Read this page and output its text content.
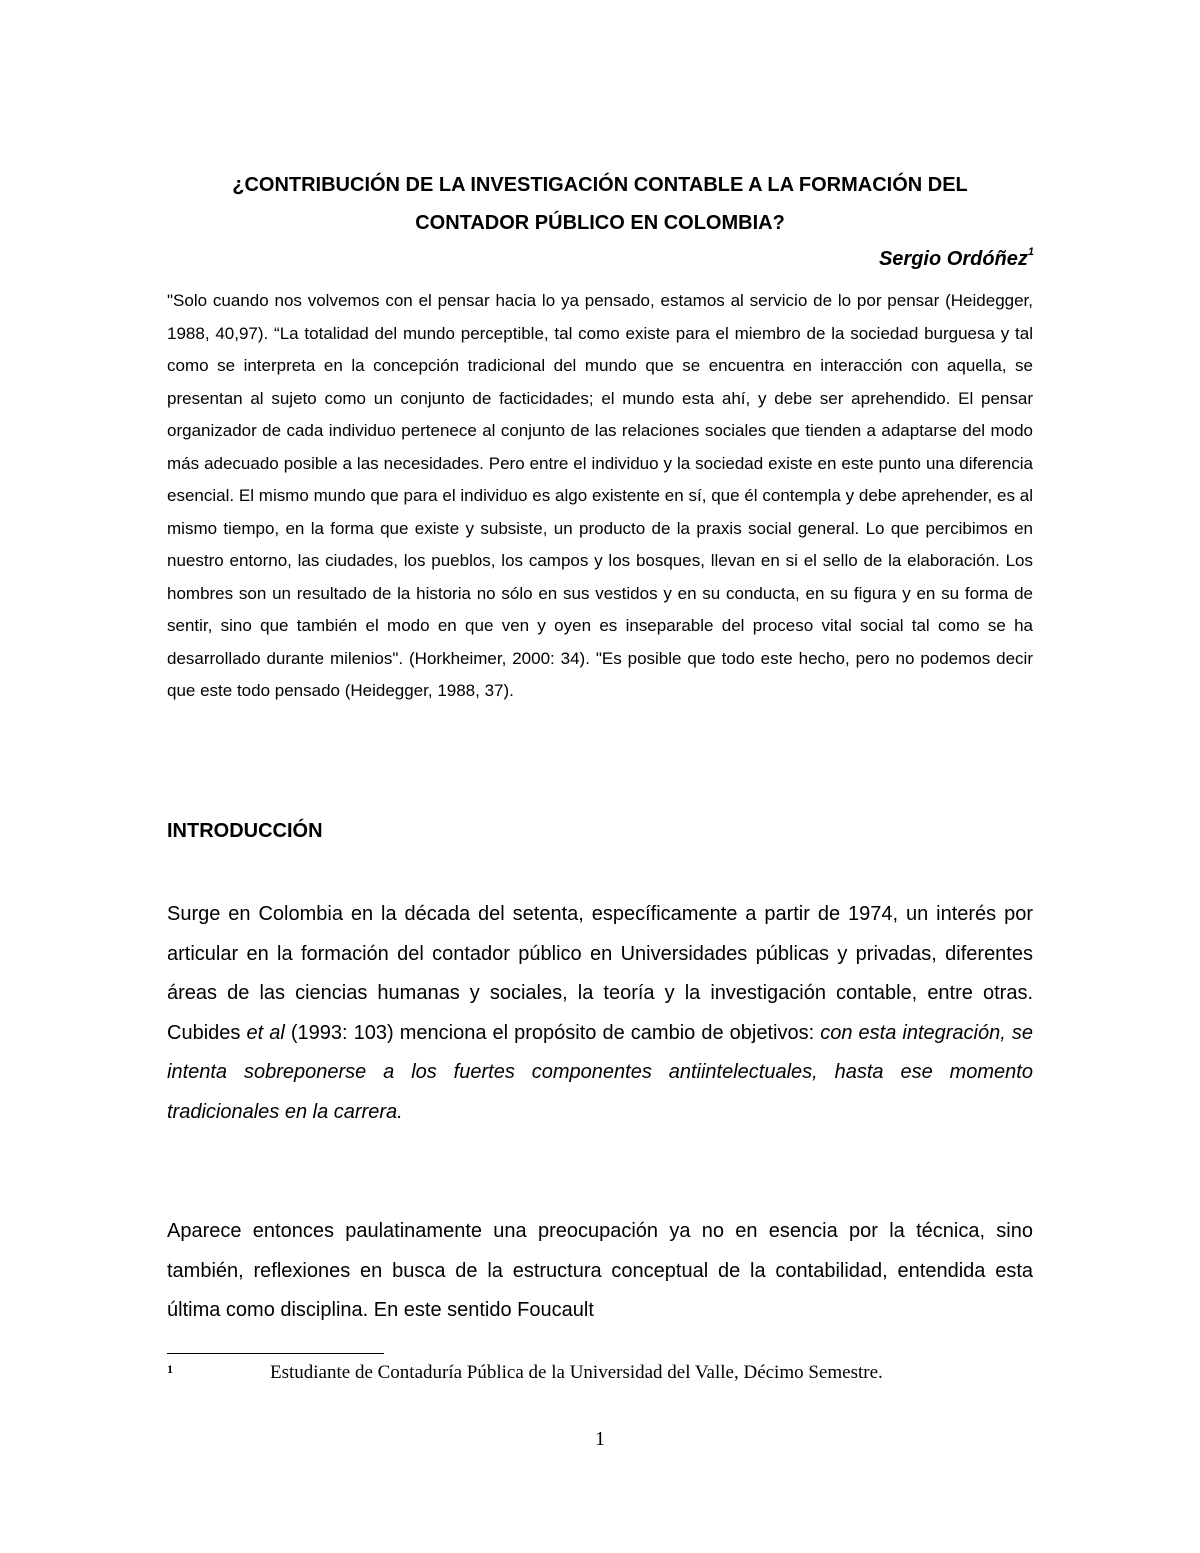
¿CONTRIBUCIÓN DE LA INVESTIGACIÓN CONTABLE A LA FORMACIÓN DEL
CONTADOR PÚBLICO EN COLOMBIA?

Sergio Ordóñez$^1$

"Solo cuando nos volvemos con el pensar hacia lo ya pensado, estamos al servicio de lo por pensar (Heidegger, 1988, 40,97). “La totalidad del mundo perceptible, tal como existe para el miembro de la sociedad burguesa y tal como se interpreta en la concepción tradicional del mundo que se encuentra en interacción con aquella, se presentan al sujeto como un conjunto de facticidades; el mundo esta ahí, y debe ser aprehendido. El pensar organizador de cada individuo pertenece al conjunto de las relaciones sociales que tienden a adaptarse del modo más adecuado posible a las necesidades. Pero entre el individuo y la sociedad existe en este punto una diferencia esencial. El mismo mundo que para el individuo es algo existente en sí, que él contempla y debe aprehender, es al mismo tiempo, en la forma que existe y subsiste, un producto de la praxis social general. Lo que percibimos en nuestro entorno, las ciudades, los pueblos, los campos y los bosques, llevan en si el sello de la elaboración. Los hombres son un resultado de la historia no sólo en sus vestidos y en su conducta, en su figura y en su forma de sentir, sino que también el modo en que ven y oyen es inseparable del proceso vital social tal como se ha desarrollado durante milenios". (Horkheimer, 2000: 34). "Es posible que todo este hecho, pero no podemos decir que este todo pensado (Heidegger, 1988, 37).

INTRODUCCIÓN

Surge en Colombia en la década del setenta, específicamente a partir de 1974, un interés por articular en la formación del contador público en Universidades públicas y privadas, diferentes áreas de las ciencias humanas y sociales, la teoría y la investigación contable, entre otras. Cubides et al (1993: 103) menciona el propósito de cambio de objetivos: con esta integración, se intenta sobreponerse a los fuertes componentes antiintelectuales, hasta ese momento tradicionales en la carrera.

Aparece entonces paulatinamente una preocupación ya no en esencia por la técnica, sino también, reflexiones en busca de la estructura conceptual de la contabilidad, entendida esta última como disciplina. En este sentido Foucault

1	Estudiante de Contaduría Pública de la Universidad del Valle, Décimo Semestre.

1
